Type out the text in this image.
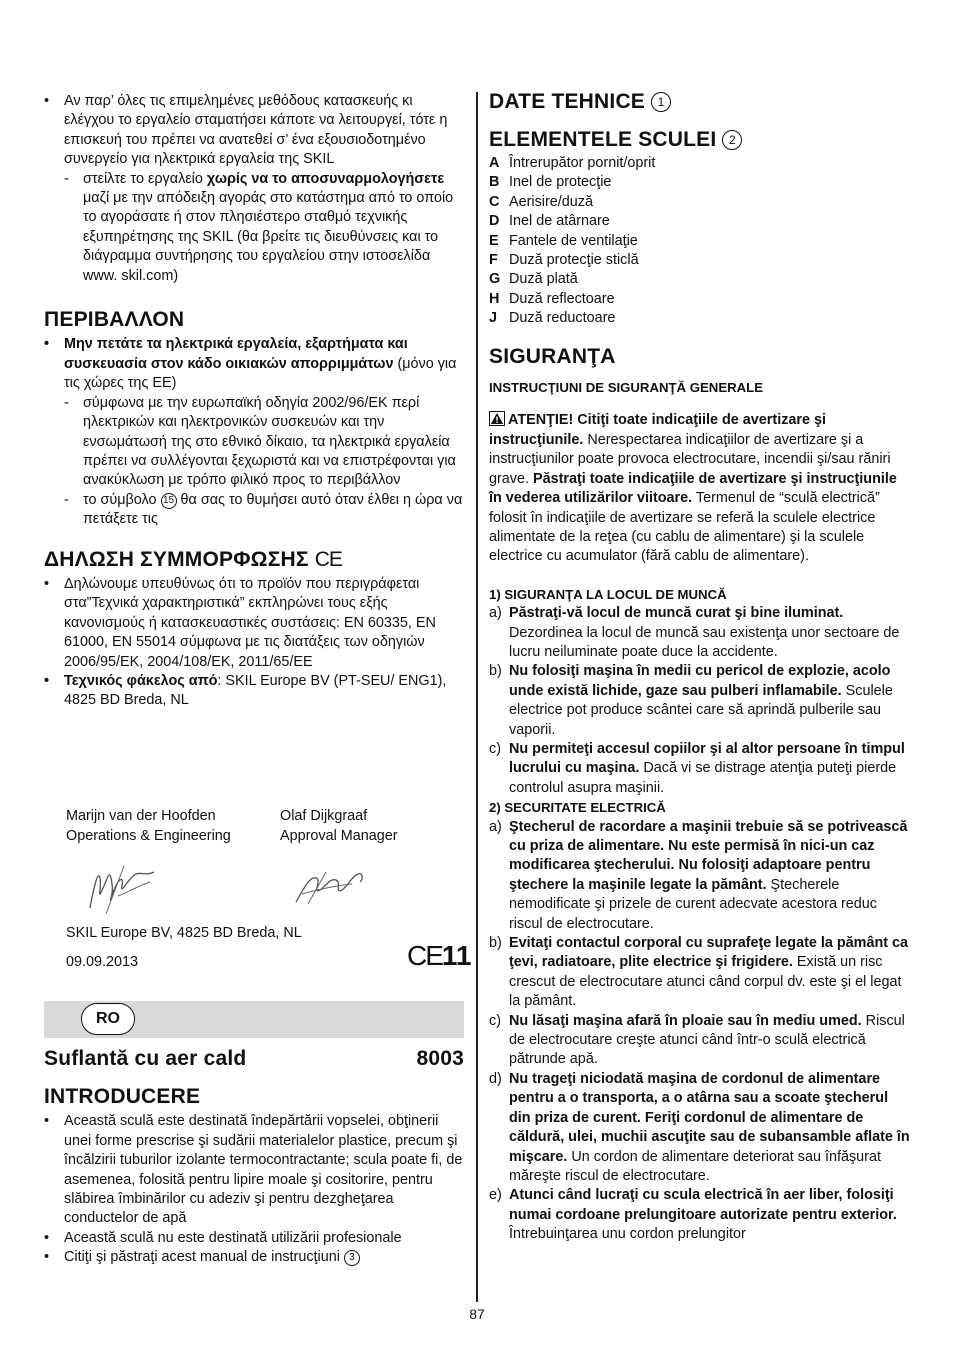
• Αν παρ’ όλες τις επιμελημένες μεθόδους κατασκευής κι ελέγχου το εργαλείο σταματήσει κάποτε να λειτουργεί, τότε η επισκευή του πρέπει να ανατεθεί σ’ ένα εξουσιοδοτημένο συνεργείο για ηλεκτρικά εργαλεία της SKIL

- στείλτε το εργαλείο χωρίς να το αποσυναρμολογήσετε μαζί με την απόδειξη αγοράς στο κατάστημα από το οποίο το αγοράσατε ή στον πλησιέστερο σταθμό τεχνικής εξυπηρέτησης της SKIL (θα βρείτε τις διευθύνσεις και το διάγραμμα συντήρησης του εργαλείου στην ιστοσελίδα www. skil.com)

ΠΕΡΙΒΑΛΛΟΝ
• Μην πετάτε τα ηλεκτρικά εργαλεία, εξαρτήματα και συσκευασία στον κάδο οικιακών απορριμμάτων (μόνο για τις χώρες της ΕΕ)

- σύμφωνα με την ευρωπαϊκή οδηγία 2002/96/ΕΚ περί ηλεκτρικών και ηλεκτρονικών συσκευών και την ενσωμάτωσή της στο εθνικό δίκαιο, τα ηλεκτρικά εργαλεία πρέπει να συλλέγονται ξεχωριστά και να επιστρέφονται για ανακύκλωση με τρόπο φιλικό προς το περιβάλλον

- το σύμβολο 15 θα σας το θυμήσει αυτό όταν έλθει η ώρα να πετάξετε τις

ΔΗΛΩΣΗ ΣΥΜΜΟΡΦΩΣΗΣ CE
• Δηλώνουμε υπευθύνως ότι το προϊόν που περιγράφεται στα”Τεχνικά χαρακτηριστικά” εκπληρώνει τους εξής κανονισμούς ή κατασκευαστικές συστάσεις: EN 60335, EN 61000, EN 55014 σύμφωνα με τις διατάξεις των οδηγιών 2006/95/EK, 2004/108/EK, 2011/65/EE

• Τεχνικός φάκελος από: SKIL Europe BV (PT-SEU/ ENG1), 4825 BD Breda, NL

Marijn van der Hoofden

Operations & Engineering

Olaf Dijkgraaf

Approval Manager

SKIL Europe BV, 4825 BD Breda, NL

09.09.2013	CE11
RO
Suflantă cu aer cald	8003
INTRODUCERE
• Această sculă este destinată îndepărtării vopselei, obţinerii unei forme prescrise şi sudării materialelor plastice, precum şi încălzirii tuburilor izolante termocontractante; scula poate fi, de asemenea, folosită pentru lipire moale şi cositorire, pentru slăbirea îmbinărilor cu adeziv şi pentru dezgheţarea conductelor de apă

• Această sculă nu este destinată utilizării profesionale

• Citiţi şi păstraţi acest manual de instrucţiuni 3

DATE TEHNICE 1
ELEMENTELE SCULEI 2
A Întrerupător pornit/oprit

B Inel de protecţie

C Aerisire/duză

D Inel de atârnare

E Fantele de ventilaţie

F Duză protecţie sticlă

G Duză plată

H Duză reflectoare

J Duză reductoare

SIGURANŢA
INSTRUCŢIUNI DE SIGURANŢĂ GENERALE

ATENŢIE! Citiţi toate indicaţiile de avertizare şi instrucţiunile. Nerespectarea indicaţiilor de avertizare şi a instrucţiunilor poate provoca electrocutare, incendii şi/sau răniri grave. Păstraţi toate indicaţiile de avertizare şi instrucţiunile în vederea utilizărilor viitoare. Termenul de “sculă electrică” folosit în indicaţiile de avertizare se referă la sculele electrice alimentate de la reţea (cu cablu de alimentare) şi la sculele electrice cu acumulator (fără cablu de alimentare).

1) SIGURANŢA LA LOCUL DE MUNCĂ
a) Păstraţi-vă locul de muncă curat şi bine iluminat. Dezordinea la locul de muncă sau existenţa unor sectoare de lucru neiluminate poate duce la accidente.

b) Nu folosiţi maşina în medii cu pericol de explozie, acolo unde există lichide, gaze sau pulberi inflamabile. Sculele electrice pot produce scântei care să aprindă pulberile sau vaporii.

c) Nu permiteţi accesul copiilor şi al altor persoane în timpul lucrului cu maşina. Dacă vi se distrage atenţia puteţi pierde controlul asupra maşinii.

2) SECURITATE ELECTRICĂ
a) Ştecherul de racordare a maşinii trebuie să se potrivească cu priza de alimentare. Nu este permisă în nici-un caz modificarea ştecherului. Nu folosiţi adaptoare pentru ştechere la maşinile legate la pământ. Ştecherele nemodificate şi prizele de curent adecvate acestora reduc riscul de electrocutare.

b) Evitaţi contactul corporal cu suprafeţe legate la pământ ca ţevi, radiatoare, plite electrice şi frigidere. Există un risc crescut de electrocutare atunci când corpul dv. este şi el legat la pământ.

c) Nu lăsaţi maşina afară în ploaie sau în mediu umed. Riscul de electrocutare creşte atunci când într-o sculă electrică pătrunde apă.

d) Nu trageţi niciodată maşina de cordonul de alimentare pentru a o transporta, a o atârna sau a scoate ştecherul din priza de curent. Feriţi cordonul de alimentare de căldură, ulei, muchii ascuţite sau de subansamble aflate în mişcare. Un cordon de alimentare deteriorat sau înfăşurat măreşte riscul de electrocutare.

e) Atunci când lucraţi cu scula electrică în aer liber, folosiţi numai cordoane prelungitoare autorizate pentru exterior. Întrebuinţarea unu cordon prelungitor

87
